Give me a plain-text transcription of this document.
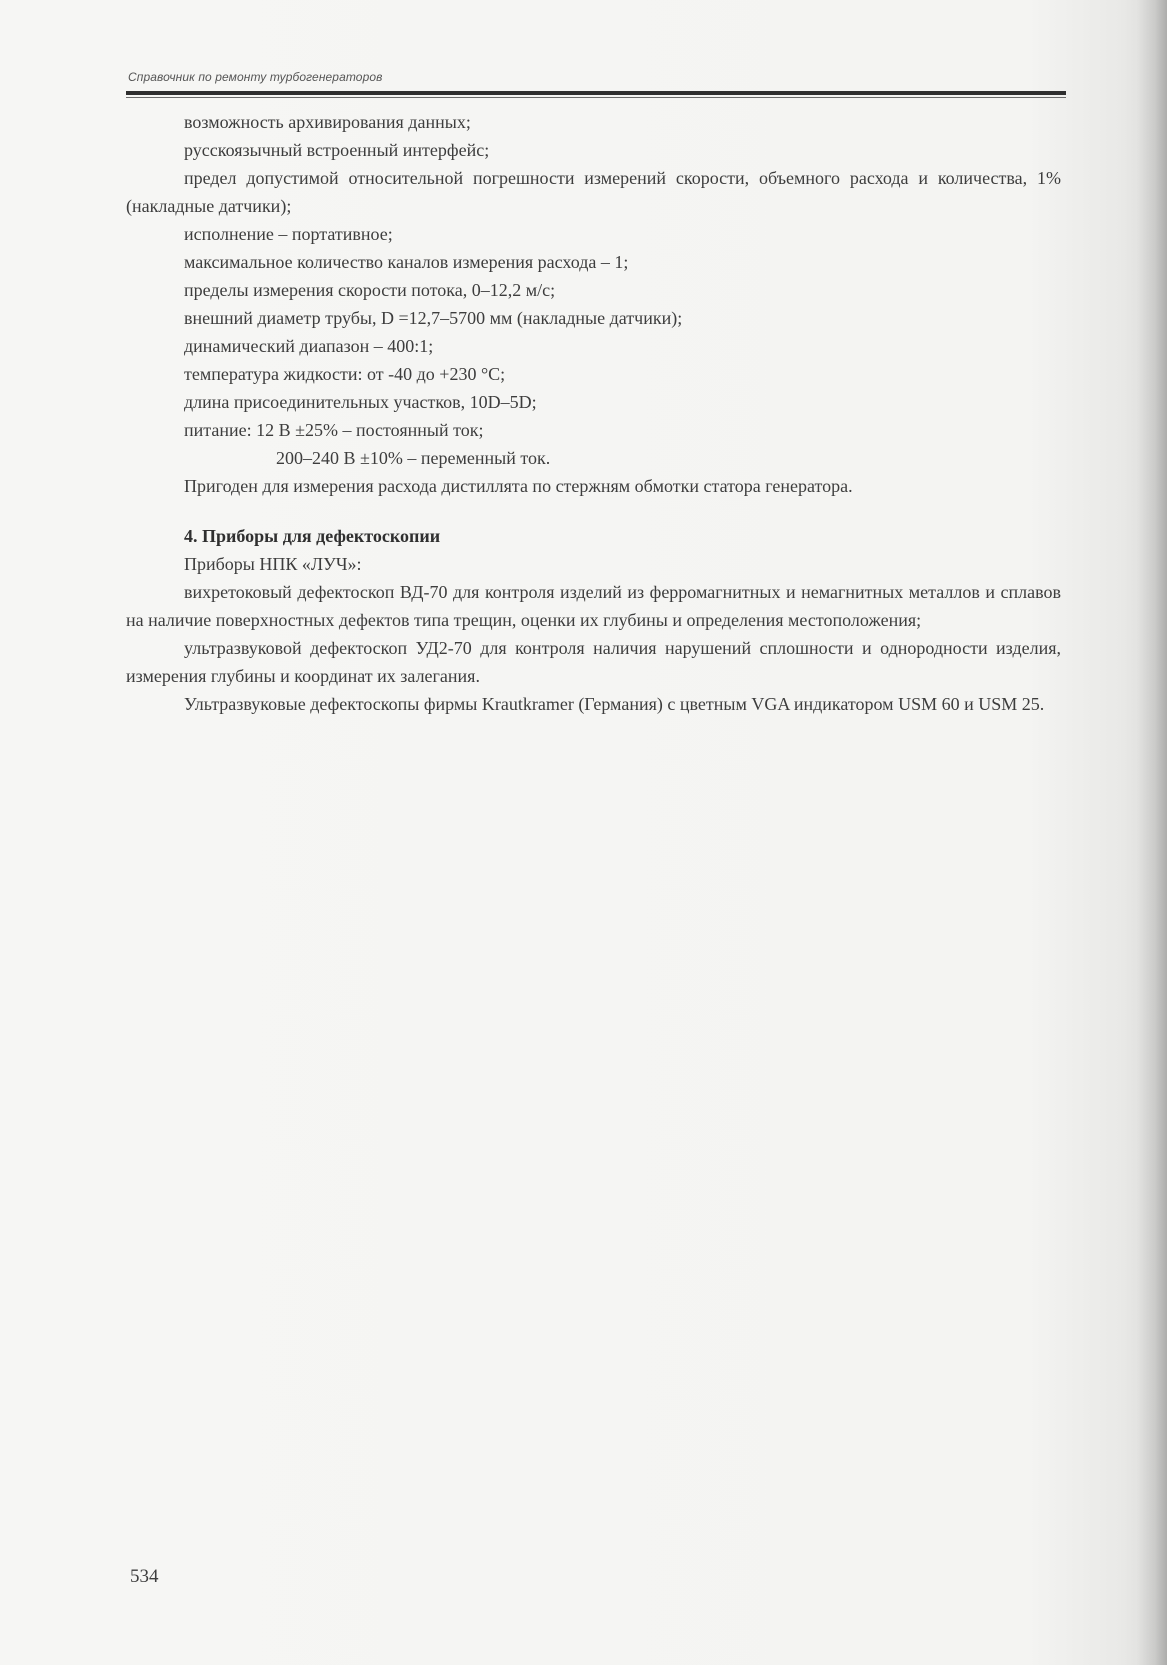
Справочник по ремонту турбогенераторов

возможность архивирования данных;

русскоязычный встроенный интерфейс;

предел допустимой относительной погрешности измерений скорости, объемного расхода и количества, 1% (накладные датчики);

исполнение – портативное;

максимальное количество каналов измерения расхода – 1;

пределы измерения скорости потока, 0–12,2 м/с;

внешний диаметр трубы, D =12,7–5700 мм (накладные датчики);

динамический диапазон – 400:1;

температура жидкости: от -40 до +230 °С;

длина присоединительных участков, 10D–5D;

питание: 12 В ±25% – постоянный ток;

200–240 В ±10% – переменный ток.

Пригоден для измерения расхода дистиллята по стержням обмотки статора генератора.

4. Приборы для дефектоскопии

Приборы НПК «ЛУЧ»:

вихретоковый дефектоскоп ВД-70 для контроля изделий из ферромагнитных и немагнитных металлов и сплавов на наличие поверхностных дефектов типа трещин, оценки их глубины и определения местоположения;

ультразвуковой дефектоскоп УД2-70 для контроля наличия нарушений сплошности и однородности изделия, измерения глубины и координат их залегания.

Ультразвуковые дефектоскопы фирмы Krautkramer (Германия) с цветным VGA индикатором USM 60 и USM 25.

534
